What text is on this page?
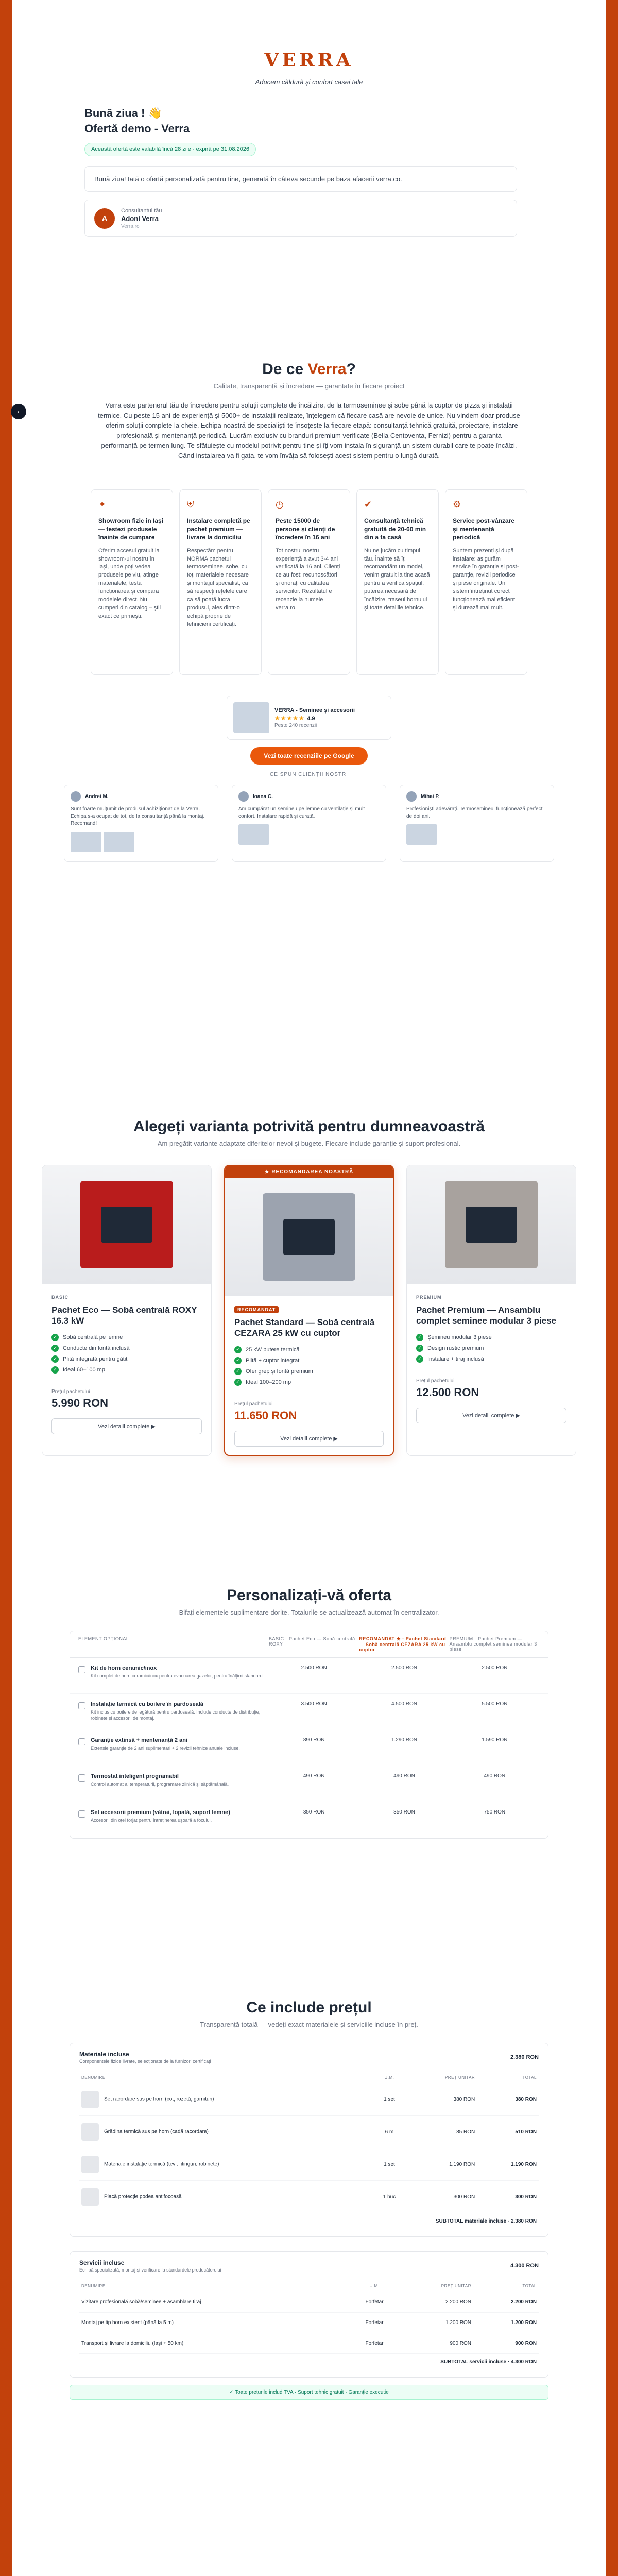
‹
VERRA
Aducem căldură și confort casei tale
Bună ziua ! 👋
Ofertă demo - Verra
Această ofertă este valabilă încă 28 zile · expiră pe 31.08.2026
Bună ziua! Iată o ofertă personalizată pentru tine, generată în câteva secunde pe baza afacerii verra.co.
A
Consultantul tău
Adoni Verra
Verra.ro
De ce Verra?
Calitate, transparență și încredere — garantate în fiecare proiect
Verra este partenerul tău de încredere pentru soluții complete de încălzire, de la termoseminee și sobe până la cuptor de pizza și instalații termice. Cu peste 15 ani de experiență și 5000+ de instalații realizate, înțelegem că fiecare casă are nevoie de unice. Nu vindem doar produse – oferim soluții complete la cheie. Echipa noastră de specialiști te însoțește la fiecare etapă: consultanță tehnică gratuită, proiectare, instalare profesională și mentenanță periodică. Lucrăm exclusiv cu branduri premium verificate (Bella Centoventa, Fernizi) pentru a garanta performanță pe termen lung. Te sfătuiește cu modelul potrivit pentru tine și îți vom instala în siguranță un sistem durabil care te poate încălzi. Când instalarea va fi gata, te vom învăța să folosești acest sistem pentru o lungă durată.
✦
Showroom fizic în Iași — testezi produsele înainte de cumpare
Oferim accesul gratuit la showroom-ul nostru în Iași, unde poți vedea produsele pe viu, atinge materialele, testa funcționarea și compara modelele direct. Nu cumperi din catalog – știi exact ce primești.
⛨
Instalare completă pe pachet premium — livrare la domiciliu
Respectăm pentru NORMA pachetul termoseminee, sobe, cu toți materialele necesare și montajul specialist, ca să respecți rețelele care ca să poată lucra produsul, ales dintr-o echipă proprie de tehnicieni certificați.
◷
Peste 15000 de persone și clienți de încredere în 16 ani
Tot nostrul nostru experiență a avut 3-4 ani verificată la 16 ani. Clienți ce au fost: recunoscători și onorați cu calitatea serviciilor. Rezultatul e recenzie la numele verra.ro.
✔
Consultanță tehnică gratuită de 20-60 min din a ta casă
Nu ne jucăm cu timpul tău. Înainte să îți recomandăm un model, venim gratuit la tine acasă pentru a verifica spațiul, puterea necesară de încălzire, traseul hornului și toate detaliile tehnice.
⚙
Service post-vânzare și mentenanță periodică
Suntem prezenți și după instalare: asigurăm service în garanție și post-garanție, revizii periodice și piese originale. Un sistem întreținut corect funcționează mai eficient și durează mai mult.
VERRA - Seminee și accesorii
★★★★★ 4.9
Peste 240 recenzii
Vezi toate recenziile pe Google
CE SPUN CLIENȚII NOȘTRI
Andrei M.
Sunt foarte mulțumit de produsul achiziționat de la Verra. Echipa s-a ocupat de tot, de la consultanță până la montaj. Recomand!
Ioana C.
Am cumpărat un șemineu pe lemne cu ventilație și mult confort. Instalare rapidă și curată.
Mihai P.
Profesioniști adevărați. Termosemineul funcționează perfect de doi ani.
Alegeți varianta potrivită pentru dumneavoastră
Am pregătit variante adaptate diferitelor nevoi și bugete. Fiecare include garanție și suport profesional.
BASIC
Pachet Eco — Sobă centrală ROXY 16.3 kW
✓ Sobă centrală pe lemne
✓ Conducte din fontă inclusă
✓ Plită integrată pentru gătit
✓ Ideal 60–100 mp
Prețul pachetului
5.990 RON
Vezi detalii complete ▶
★ RECOMANDAREA NOASTRĂ
RECOMANDAT
Pachet Standard — Sobă centrală CEZARA 25 kW cu cuptor
✓ 25 kW putere termică
✓ Plită + cuptor integrat
✓ Ofer grep și fontă premium
✓ Ideal 100–200 mp
Prețul pachetului
11.650 RON
Vezi detalii complete ▶
PREMIUM
Pachet Premium — Ansamblu complet seminee modular 3 piese
✓ Șemineu modular 3 piese
✓ Design rustic premium
✓ Instalare + tiraj inclusă
Prețul pachetului
12.500 RON
Vezi detalii complete ▶
Personalizați-vă oferta
Bifați elementele suplimentare dorite. Totalurile se actualizează automat în centralizator.
ELEMENT OPȚIONAL	BASIC · Pachet Eco — Sobă centrală ROXY
RECOMANDAT ★ · Pachet Standard — Sobă centrală CEZARA 25 kW cu cuptor
PREMIUM · Pachet Premium — Ansamblu complet seminee modular 3 piese
Kit de horn ceramic/inox
Kit complet de horn ceramic/inox pentru evacuarea gazelor, pentru înălțimi standard.
2.500 RON	2.500 RON	2.500 RON
Instalație termică cu boilere în pardoseală
Kit inclus cu boilere de legătură pentru pardoseală. Include conducte de distribuție, robinete și accesorii de montaj.
3.500 RON	4.500 RON	5.500 RON
Garanție extinsă + mentenanță 2 ani
Extensie garanție de 2 ani suplimentari + 2 revizii tehnice anuale incluse.
890 RON	1.290 RON	1.590 RON
Termostat inteligent programabil
Control automat al temperaturii, programare zilnică și săptămânală.
490 RON	490 RON	490 RON
Set accesorii premium (vătrai, lopată, suport lemne)
Accesorii din oțel forjat pentru întreținerea ușoară a focului.
350 RON	350 RON	750 RON
Ce include prețul
Transparență totală — vedeți exact materialele și serviciile incluse în preț.
Materiale incluse
Componentele fizice livrate, selecționate de la furnizori certificați
2.380 RON
DENUMIRE	U.M.	PREȚ UNITAR	TOTAL
Set racordare sus pe horn (cot, rozetă, garnituri)	1 set	380 RON	380 RON
Grădina termică sus pe horn (cadă racordare)	6 m	85 RON	510 RON
Materiale instalație termică (țevi, fitinguri, robinete)	1 set	1.190 RON	1.190 RON
Placă protecție podea antifocoasă	1 buc	300 RON	300 RON
SUBTOTAL materiale incluse · 2.380 RON
Servicii incluse
Echipă specializată, montaj și verificare la standardele producătorului
4.300 RON
DENUMIRE	U.M.	PREȚ UNITAR	TOTAL
Vizitare profesională sobă/seminee + asamblare tiraj	Forfetar	2.200 RON	2.200 RON
Montaj pe tip horn existent (până la 5 m)	Forfetar	1.200 RON	1.200 RON
Transport și livrare la domiciliu (Iași + 50 km)	Forfetar	900 RON	900 RON
SUBTOTAL servicii incluse · 4.300 RON
✓ Toate prețurile includ TVA · Suport tehnic gratuit · Garanție executie
